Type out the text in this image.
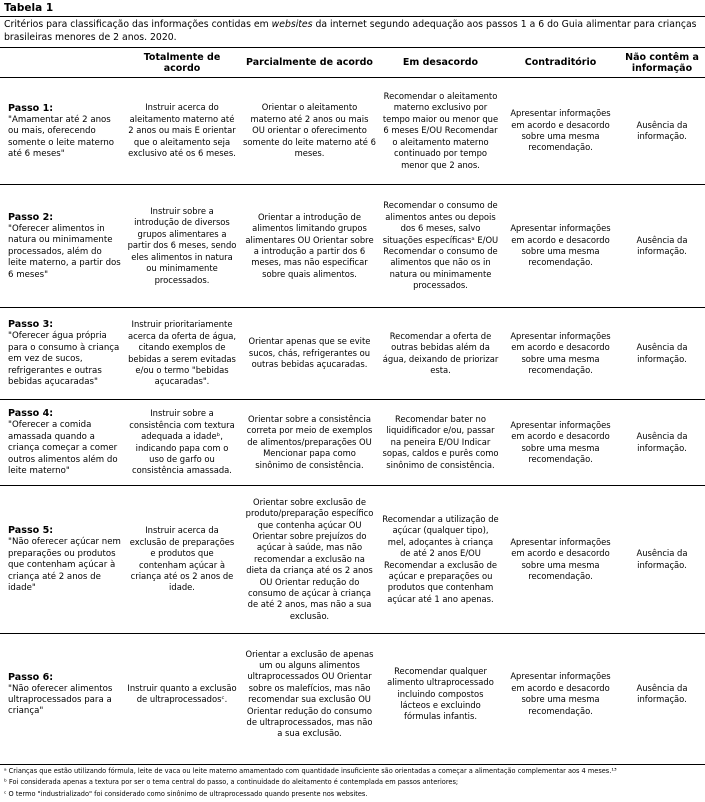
Tabela 1
Critérios para classificação das informações contidas em websites da internet segundo adequação aos passos 1 a 6 do Guia alimentar para crianças brasileiras menores de 2 anos. 2020.
	Totalmente de acordo	Parcialmente de acordo	Em desacordo	Contraditório	Não contêm a informação

Passo 1:
"Amamentar até 2 anos ou mais, oferecendo somente o leite materno até 6 meses"	Instruir acerca do aleitamento materno até 2 anos ou mais E orientar que o aleitamento seja exclusivo até os 6 meses.	Orientar o aleitamento materno até 2 anos ou mais OU orientar o oferecimento somente do leite materno até 6 meses.	Recomendar o aleitamento materno exclusivo por tempo maior ou menor que 6 meses E/OU Recomendar o aleitamento materno continuado por tempo menor que 2 anos.	Apresentar informações em acordo e desacordo sobre uma mesma recomendação.	Ausência da informação.

Passo 2:
"Oferecer alimentos in natura ou minimamente processados, além do leite materno, a partir dos 6 meses"	Instruir sobre a introdução de diversos grupos alimentares a partir dos 6 meses, sendo eles alimentos in natura ou minimamente processados.	Orientar a introdução de alimentos limitando grupos alimentares OU Orientar sobre a introdução a partir dos 6 meses, mas não especificar sobre quais alimentos.	Recomendar o consumo de alimentos antes ou depois dos 6 meses, salvo situações específicasᵃ E/OU Recomendar o consumo de alimentos que não os in natura ou minimamente processados.	Apresentar informações em acordo e desacordo sobre uma mesma recomendação.	Ausência da informação.

Passo 3:
"Oferecer água própria para o consumo à criança em vez de sucos, refrigerantes e outras bebidas açucaradas"	Instruir prioritariamente acerca da oferta de água, citando exemplos de bebidas a serem evitadas e/ou o termo "bebidas açucaradas".	Orientar apenas que se evite sucos, chás, refrigerantes ou outras bebidas açucaradas.	Recomendar a oferta de outras bebidas além da água, deixando de priorizar esta.	Apresentar informações em acordo e desacordo sobre uma mesma recomendação.	Ausência da informação.

Passo 4:
"Oferecer a comida amassada quando a criança começar a comer outros alimentos além do leite materno"	Instruir sobre a consistência com textura adequada a idadeᵇ, indicando papa com o uso de garfo ou consistência amassada.	Orientar sobre a consistência correta por meio de exemplos de alimentos/preparações OU Mencionar papa como sinônimo de consistência.	Recomendar bater no liquidificador e/ou, passar na peneira E/OU Indicar sopas, caldos e purês como sinônimo de consistência.	Apresentar informações em acordo e desacordo sobre uma mesma recomendação.	Ausência da informação.

Passo 5:
"Não oferecer açúcar nem preparações ou produtos que contenham açúcar à criança até 2 anos de idade"	Instruir acerca da exclusão de preparações e produtos que contenham açúcar à criança até os 2 anos de idade.	Orientar sobre exclusão de produto/preparação específico que contenha açúcar OU Orientar sobre prejuízos do açúcar à saúde, mas não recomendar a exclusão na dieta da criança até os 2 anos OU Orientar redução do consumo de açúcar à criança de até 2 anos, mas não a sua exclusão.	Recomendar a utilização de açúcar (qualquer tipo), mel, adoçantes à criança de até 2 anos E/OU Recomendar a exclusão de açúcar e preparações ou produtos que contenham açúcar até 1 ano apenas.	Apresentar informações em acordo e desacordo sobre uma mesma recomendação.	Ausência da informação.

Passo 6:
"Não oferecer alimentos ultraprocessados para a criança"	Instruir quanto a exclusão de ultraprocessadosᶜ.	Orientar a exclusão de apenas um ou alguns alimentos ultraprocessados OU Orientar sobre os malefícios, mas não recomendar sua exclusão OU Orientar redução do consumo de ultraprocessados, mas não a sua exclusão.	Recomendar qualquer alimento ultraprocessado incluindo compostos lácteos e excluindo fórmulas infantis.	Apresentar informações em acordo e desacordo sobre uma mesma recomendação.	Ausência da informação.
ᵃ Crianças que estão utilizando fórmula, leite de vaca ou leite materno amamentado com quantidade insuficiente são orientadas a começar a alimentação complementar aos 4 meses.¹³
ᵇ Foi considerada apenas a textura por ser o tema central do passo, a continuidade do aleitamento é contemplada em passos anteriores;
ᶜ O termo "industrializado" foi considerado como sinônimo de ultraprocessado quando presente nos websites.
